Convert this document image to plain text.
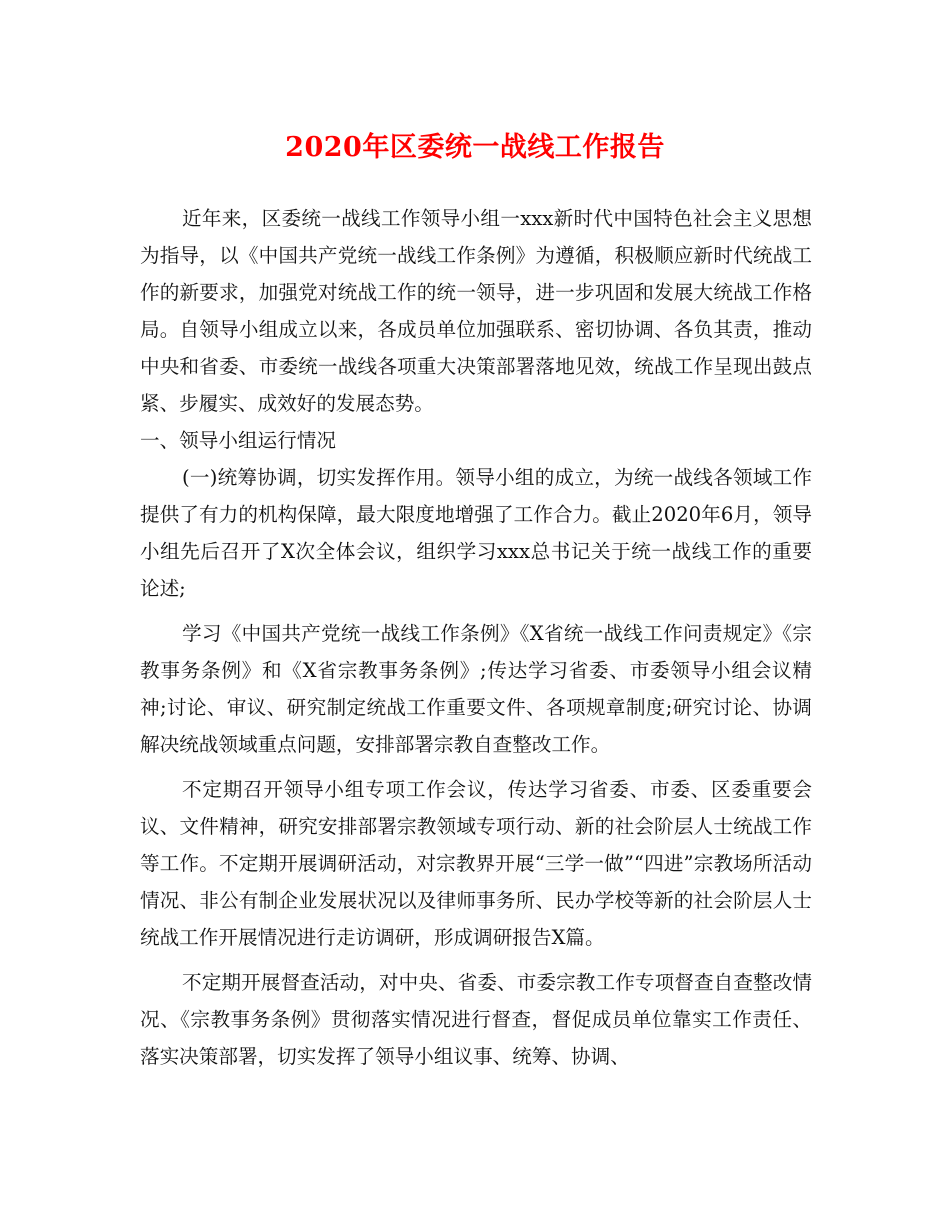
2020年区委统一战线工作报告

近年来，区委统一战线工作领导小组一xxx新时代中国特色社会主义思想为指导，以《中国共产党统一战线工作条例》为遵循，积极顺应新时代统战工作的新要求，加强党对统战工作的统一领导，进一步巩固和发展大统战工作格局。自领导小组成立以来，各成员单位加强联系、密切协调、各负其责，推动中央和省委、市委统一战线各项重大决策部署落地见效，统战工作呈现出鼓点紧、步履实、成效好的发展态势。

一、领导小组运行情况

(一)统筹协调，切实发挥作用。领导小组的成立，为统一战线各领域工作提供了有力的机构保障，最大限度地增强了工作合力。截止2020年6月，领导小组先后召开了X次全体会议，组织学习xxx总书记关于统一战线工作的重要论述;

学习《中国共产党统一战线工作条例》《X省统一战线工作问责规定》《宗教事务条例》和《X省宗教事务条例》;传达学习省委、市委领导小组会议精神;讨论、审议、研究制定统战工作重要文件、各项规章制度;研究讨论、协调解决统战领域重点问题，安排部署宗教自查整改工作。

不定期召开领导小组专项工作会议，传达学习省委、市委、区委重要会议、文件精神，研究安排部署宗教领域专项行动、新的社会阶层人士统战工作等工作。不定期开展调研活动，对宗教界开展“三学一做”“四进”宗教场所活动情况、非公有制企业发展状况以及律师事务所、民办学校等新的社会阶层人士统战工作开展情况进行走访调研，形成调研报告X篇。

不定期开展督查活动，对中央、省委、市委宗教工作专项督查自查整改情况、《宗教事务条例》贯彻落实情况进行督查，督促成员单位靠实工作责任、落实决策部署，切实发挥了领导小组议事、统筹、协调、
